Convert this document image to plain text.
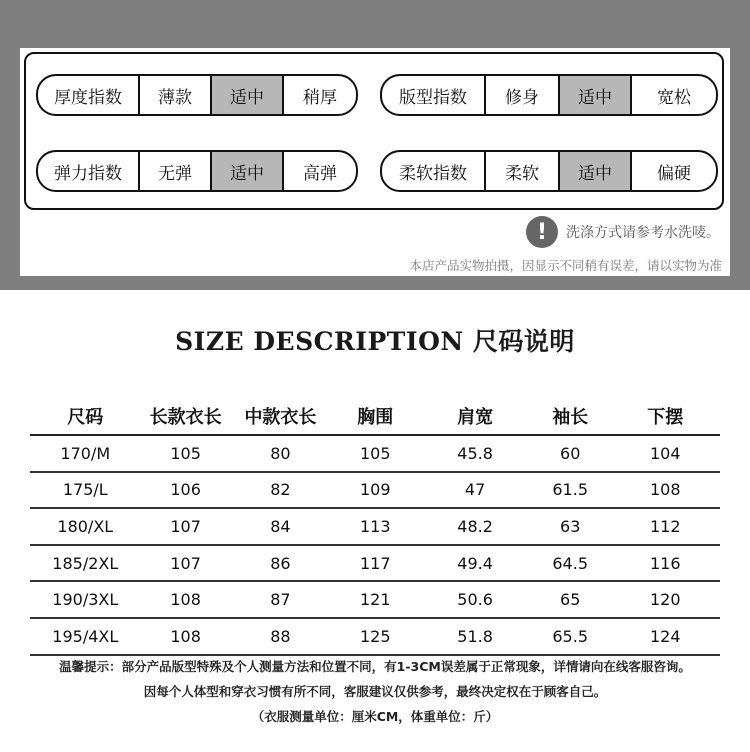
厚度指数	薄款	适中	稍厚	版型指数	修身	适中	宽松
弹力指数	无弹	适中	高弹	柔软指数	柔软	适中	偏硬
!	洗涤方式请参考水洗唛。
本店产品实物拍摄，因显示不同稍有误差，请以实物为准
SIZE DESCRIPTION 尺码说明
尺码	长款衣长	中款衣长	胸围	肩宽	袖长	下摆
170/M	105	80	105	45.8	60	104
175/L	106	82	109	47	61.5	108
180/XL	107	84	113	48.2	63	112
185/2XL	107	86	117	49.4	64.5	116
190/3XL	108	87	121	50.6	65	120
195/4XL	108	88	125	51.8	65.5	124
温馨提示：部分产品版型特殊及个人测量方法和位置不同，有1-3CM误差属于正常现象，详情请向在线客服咨询。
因每个人体型和穿衣习惯有所不同，客服建议仅供参考，最终决定权在于顾客自己。
（衣服测量单位：厘米CM，体重单位：斤）
